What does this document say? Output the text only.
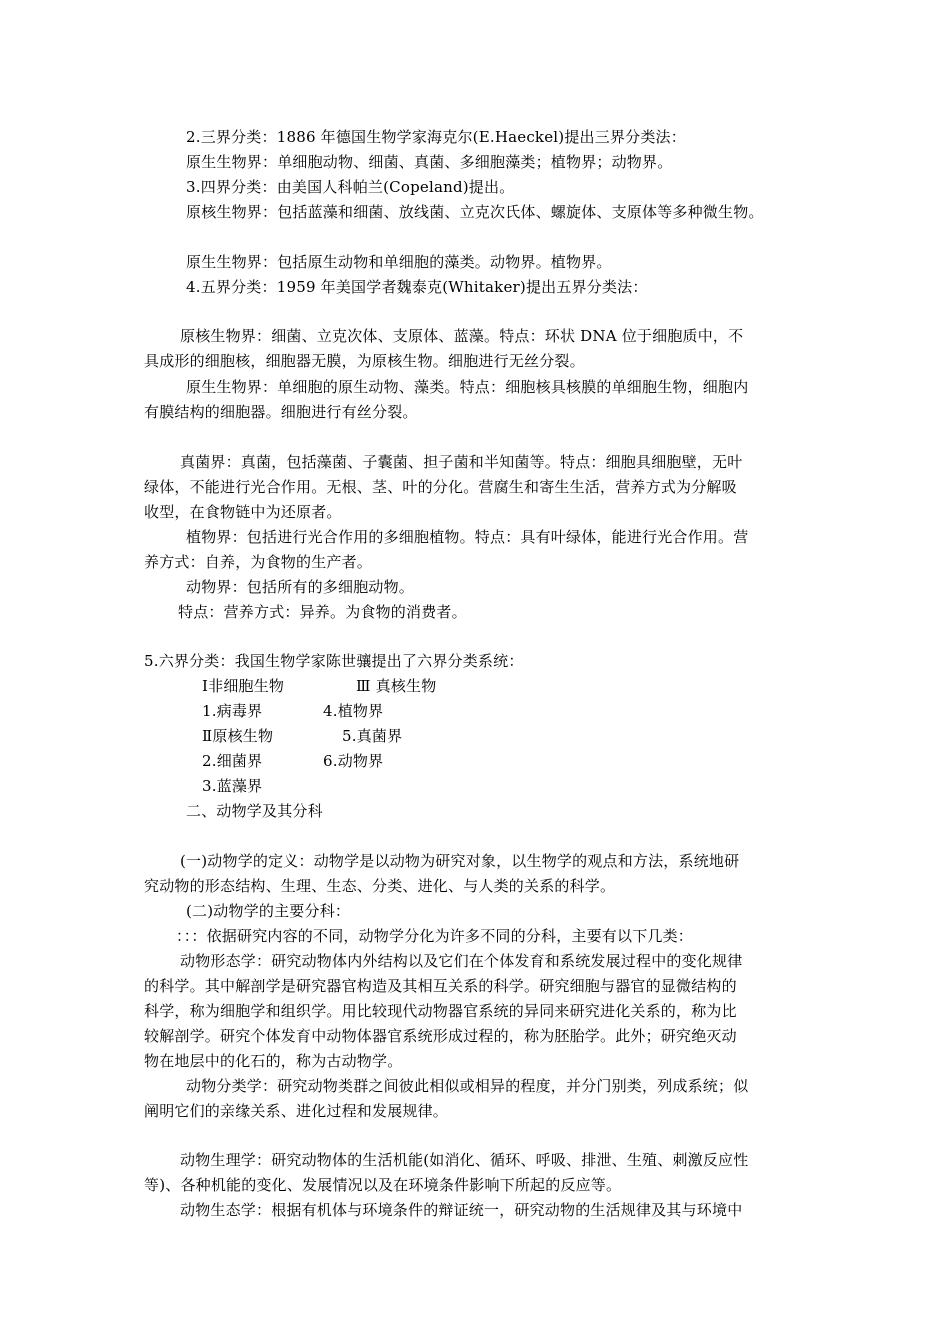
2.三界分类：1886 年德国生物学家海克尔(E.Haeckel)提出三界分类法：
原生生物界：单细胞动物、细菌、真菌、多细胞藻类；植物界；动物界。
3.四界分类：由美国人科帕兰(Copeland)提出。
原核生物界：包括蓝藻和细菌、放线菌、立克次氏体、螺旋体、支原体等多种微生物。
原生生物界：包括原生动物和单细胞的藻类。动物界。植物界。
4.五界分类：1959 年美国学者魏泰克(Whitaker)提出五界分类法：
原核生物界：细菌、立克次体、支原体、蓝藻。特点：环状 DNA 位于细胞质中，不
具成形的细胞核，细胞器无膜，为原核生物。细胞进行无丝分裂。
原生生物界：单细胞的原生动物、藻类。特点：细胞核具核膜的单细胞生物，细胞内
有膜结构的细胞器。细胞进行有丝分裂。
真菌界：真菌，包括藻菌、子囊菌、担子菌和半知菌等。特点：细胞具细胞壁，无叶
绿体，不能进行光合作用。无根、茎、叶的分化。营腐生和寄生生活，营养方式为分解吸
收型，在食物链中为还原者。
植物界：包括进行光合作用的多细胞植物。特点：具有叶绿体，能进行光合作用。营
养方式：自养，为食物的生产者。
动物界：包括所有的多细胞动物。
特点：营养方式：异养。为食物的消费者。
5.六界分类：我国生物学家陈世骧提出了六界分类系统：
Ⅰ非细胞生物	Ⅲ 真核生物
1.病毒界	4.植物界
Ⅱ原核生物	5.真菌界
2.细菌界	6.动物界
3.蓝藻界
二、动物学及其分科
(一)动物学的定义：动物学是以动物为研究对象，以生物学的观点和方法，系统地研
究动物的形态结构、生理、生态、分类、进化、与人类的关系的科学。
(二)动物学的主要分科：
：：：依据研究内容的不同，动物学分化为许多不同的分科，主要有以下几类：
动物形态学：研究动物体内外结构以及它们在个体发育和系统发展过程中的变化规律
的科学。其中解剖学是研究器官构造及其相互关系的科学。研究细胞与器官的显微结构的
科学，称为细胞学和组织学。用比较现代动物器官系统的异同来研究进化关系的，称为比
较解剖学。研究个体发育中动物体器官系统形成过程的，称为胚胎学。此外；研究绝灭动
物在地层中的化石的，称为古动物学。
动物分类学：研究动物类群之间彼此相似或相异的程度，并分门别类，列成系统；似
阐明它们的亲缘关系、进化过程和发展规律。
动物生理学：研究动物体的生活机能(如消化、循环、呼吸、排泄、生殖、刺激反应性
等)、各种机能的变化、发展情况以及在环境条件影响下所起的反应等。
动物生态学：根据有机体与环境条件的辩证统一，研究动物的生活规律及其与环境中
